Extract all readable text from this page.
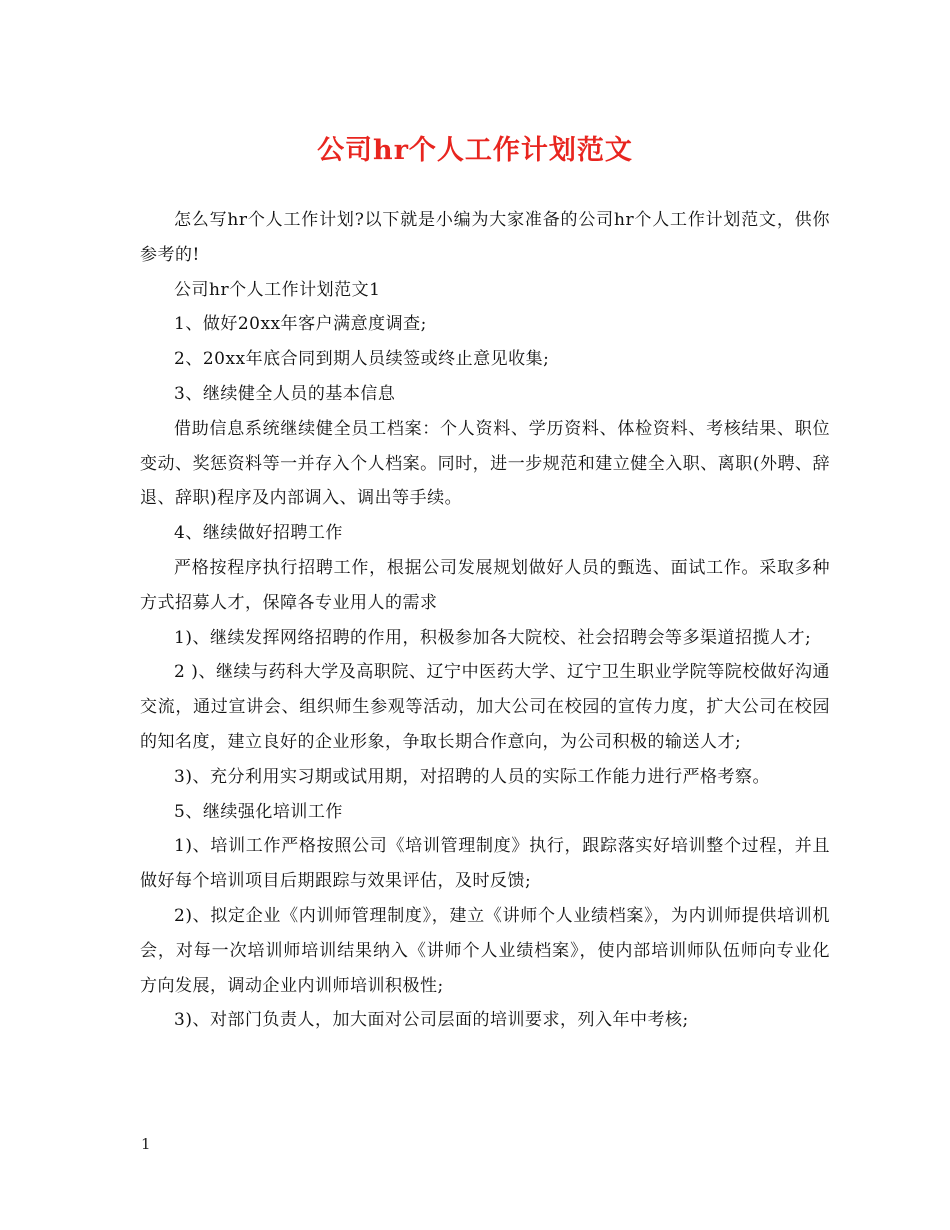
公司hr个人工作计划范文

怎么写hr个人工作计划?以下就是小编为大家准备的公司hr个人工作计划范文，供你参考的!

公司hr个人工作计划范文1

1、做好20xx年客户满意度调查;

2、20xx年底合同到期人员续签或终止意见收集;

3、继续健全人员的基本信息

借助信息系统继续健全员工档案：个人资料、学历资料、体检资料、考核结果、职位变动、奖惩资料等一并存入个人档案。同时，进一步规范和建立健全入职、离职(外聘、辞退、辞职)程序及内部调入、调出等手续。

4、继续做好招聘工作

严格按程序执行招聘工作，根据公司发展规划做好人员的甄选、面试工作。采取多种方式招募人才，保障各专业用人的需求

1)、继续发挥网络招聘的作用，积极参加各大院校、社会招聘会等多渠道招揽人才;

2 )、继续与药科大学及高职院、辽宁中医药大学、辽宁卫生职业学院等院校做好沟通交流，通过宣讲会、组织师生参观等活动，加大公司在校园的宣传力度，扩大公司在校园的知名度，建立良好的企业形象，争取长期合作意向，为公司积极的输送人才;

3)、充分利用实习期或试用期，对招聘的人员的实际工作能力进行严格考察。

5、继续强化培训工作

1)、培训工作严格按照公司《培训管理制度》执行，跟踪落实好培训整个过程，并且做好每个培训项目后期跟踪与效果评估，及时反馈;

2)、拟定企业《内训师管理制度》，建立《讲师个人业绩档案》，为内训师提供培训机会，对每一次培训师培训结果纳入《讲师个人业绩档案》，使内部培训师队伍师向专业化方向发展，调动企业内训师培训积极性;

3)、对部门负责人，加大面对公司层面的培训要求，列入年中考核;

1
